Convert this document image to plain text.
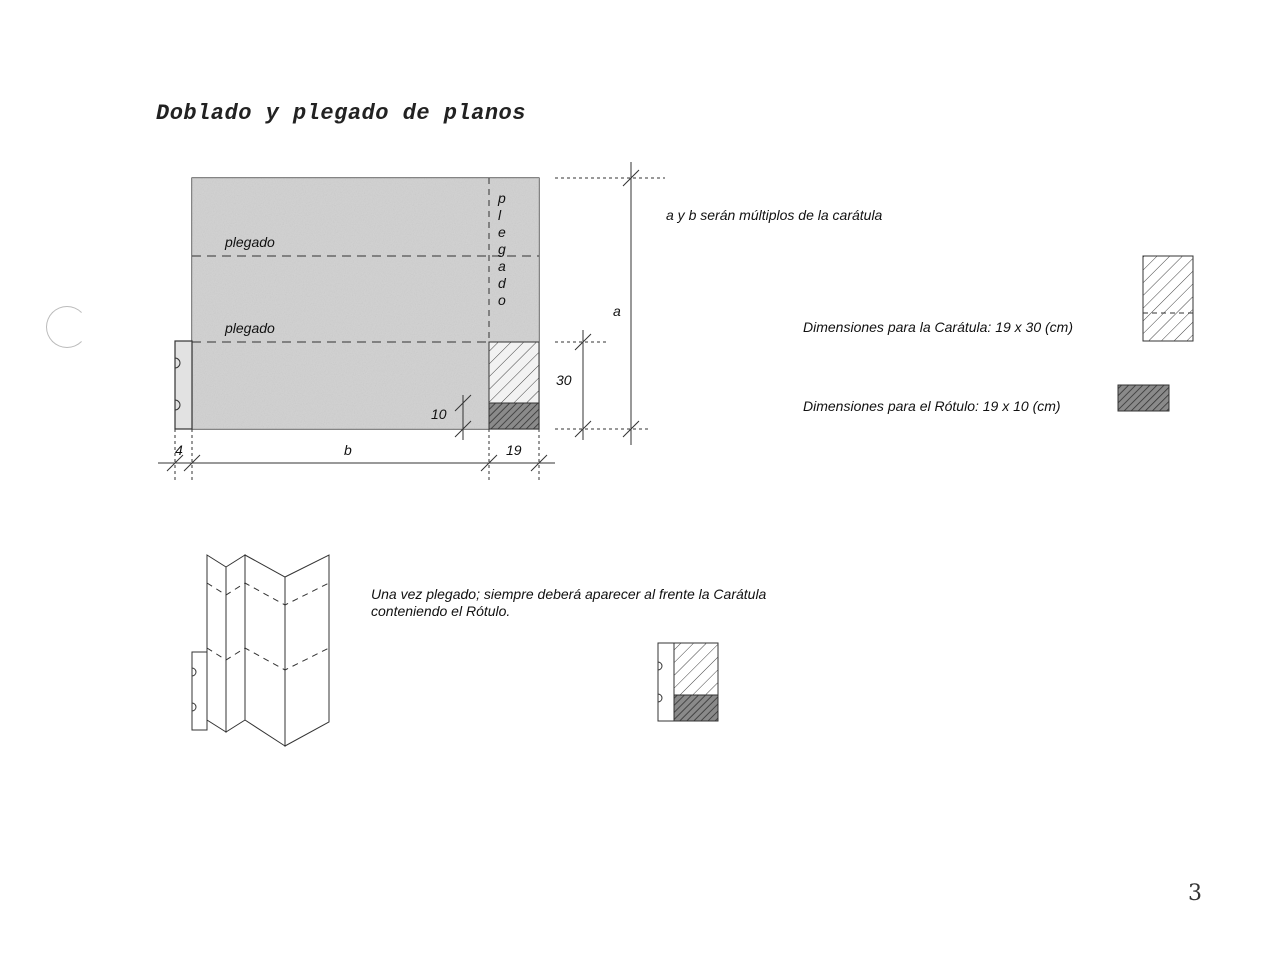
Doblado y plegado de planos
plegado
plegado
p
l
e
g
a
d
o
a
30
10
b
4	19
a y b serán múltiplos de la carátula
Dimensiones para la Carátula: 19 x 30 (cm)
Dimensiones para el Rótulo: 19 x 10 (cm)
Una vez plegado; siempre deberá aparecer al frente la Carátula
conteniendo el Rótulo.
3
